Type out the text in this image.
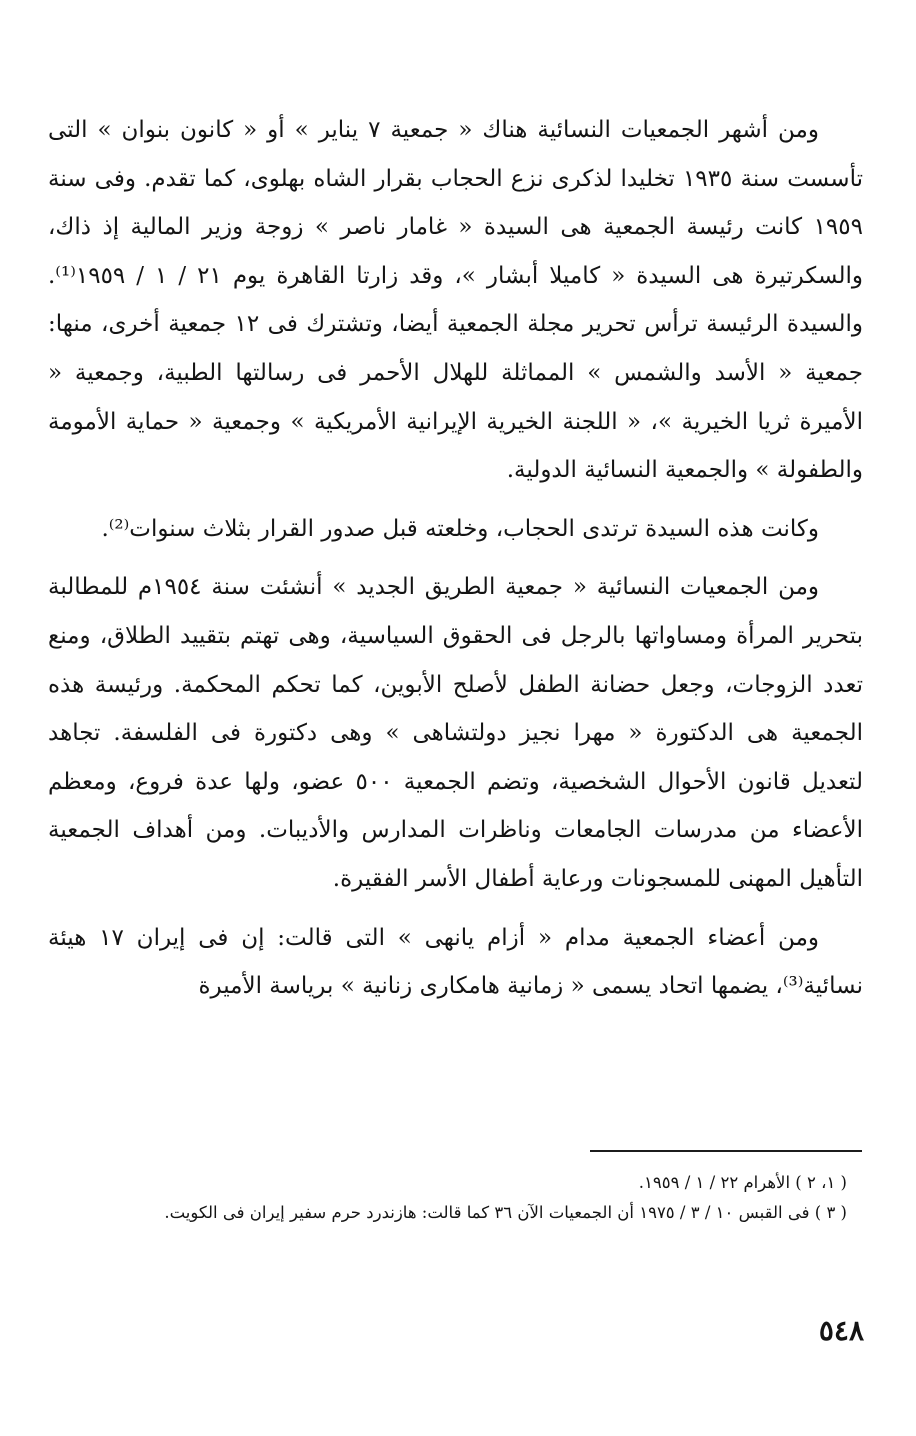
ومن أشهر الجمعيات النسائية هناك « جمعية ٧ يناير » أو « كانون بنوان » التى تأسست سنة ١٩٣٥ تخليدا لذكرى نزع الحجاب بقرار الشاه بهلوى، كما تقدم. وفى سنة ١٩٥٩ كانت رئيسة الجمعية هى السيدة « غامار ناصر » زوجة وزير المالية إذ ذاك، والسكرتيرة هى السيدة « كاميلا أبشار »، وقد زارتا القاهرة يوم ٢١ / ١ / ١٩٥٩⁽¹⁾. والسيدة الرئيسة ترأس تحرير مجلة الجمعية أيضا، وتشترك فى ١٢ جمعية أخرى، منها: جمعية « الأسد والشمس » المماثلة للهلال الأحمر فى رسالتها الطبية، وجمعية « الأميرة ثريا الخيرية »، « اللجنة الخيرية الإيرانية الأمريكية » وجمعية « حماية الأمومة والطفولة » والجمعية النسائية الدولية.

وكانت هذه السيدة ترتدى الحجاب، وخلعته قبل صدور القرار بثلاث سنوات⁽²⁾.

ومن الجمعيات النسائية « جمعية الطريق الجديد » أنشئت سنة ١٩٥٤م للمطالبة بتحرير المرأة ومساواتها بالرجل فى الحقوق السياسية، وهى تهتم بتقييد الطلاق، ومنع تعدد الزوجات، وجعل حضانة الطفل لأصلح الأبوين، كما تحكم المحكمة. ورئيسة هذه الجمعية هى الدكتورة « مهرا نجيز دولتشاهى » وهى دكتورة فى الفلسفة. تجاهد لتعديل قانون الأحوال الشخصية، وتضم الجمعية ٥٠٠ عضو، ولها عدة فروع، ومعظم الأعضاء من مدرسات الجامعات وناظرات المدارس والأديبات. ومن أهداف الجمعية التأهيل المهنى للمسجونات ورعاية أطفال الأسر الفقيرة.

ومن أعضاء الجمعية مدام « أزام يانهى » التى قالت: إن فى إيران ١٧ هيئة نسائية⁽³⁾، يضمها اتحاد يسمى « زمانية هامكارى زنانية » برياسة الأميرة

( ١، ٢ ) الأهرام ٢٢ / ١ / ١٩٥٩.

( ٣ ) فى القبس ١٠ / ٣ / ١٩٧٥ أن الجمعيات الآن ٣٦ كما قالت: هازندرد حرم سفير إيران فى الكويت.

٥٤٨
